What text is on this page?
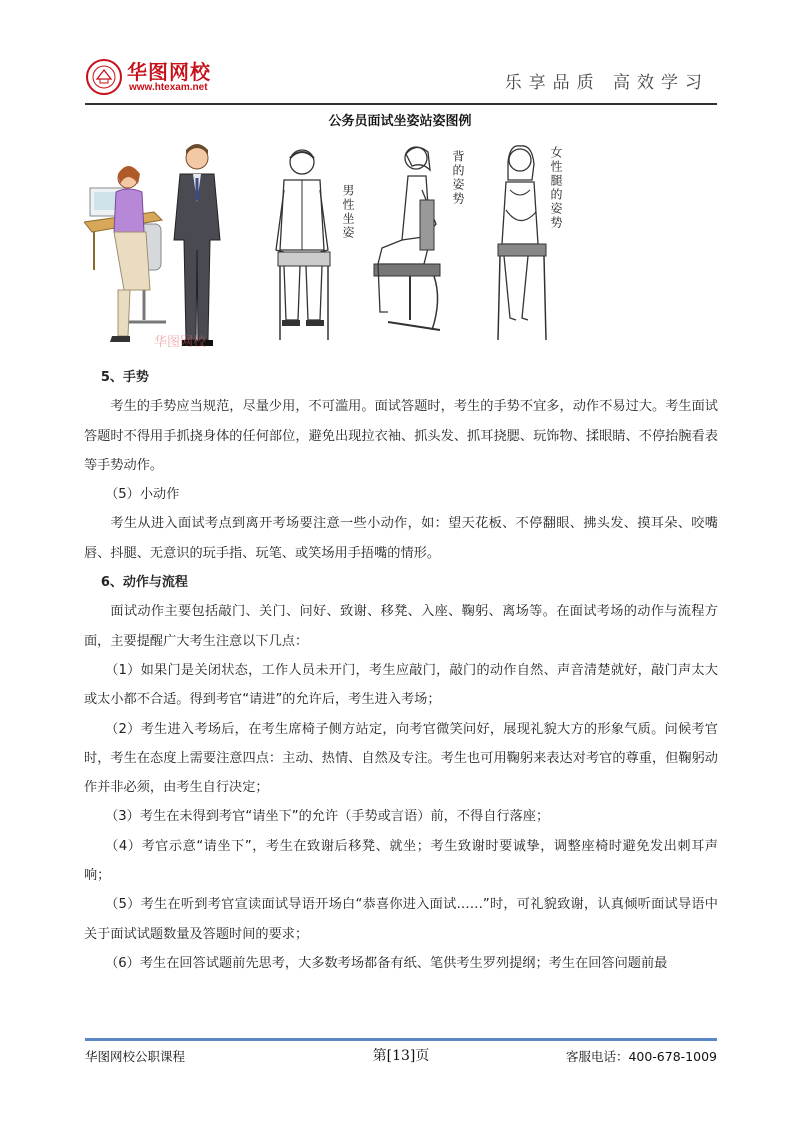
华图网校
www.htexam.net	乐享品质 高效学习
公务员面试坐姿站姿图例
华图网校
男性坐姿
背的姿势	女性腿的姿势

5、手势

考生的手势应当规范，尽量少用，不可滥用。面试答题时，考生的手势不宜多，动作不易过大。考生面试答题时不得用手抓挠身体的任何部位，避免出现拉衣袖、抓头发、抓耳挠腮、玩饰物、揉眼睛、不停抬腕看表等手势动作。

（5）小动作

考生从进入面试考点到离开考场要注意一些小动作，如：望天花板、不停翻眼、拂头发、摸耳朵、咬嘴唇、抖腿、无意识的玩手指、玩笔、或笑场用手捂嘴的情形。

6、动作与流程

面试动作主要包括敲门、关门、问好、致谢、移凳、入座、鞠躬、离场等。在面试考场的动作与流程方面，主要提醒广大考生注意以下几点：

（1）如果门是关闭状态，工作人员未开门，考生应敲门，敲门的动作自然、声音清楚就好，敲门声太大或太小都不合适。得到考官“请进”的允许后，考生进入考场；

（2）考生进入考场后，在考生席椅子侧方站定，向考官微笑问好，展现礼貌大方的形象气质。问候考官时，考生在态度上需要注意四点：主动、热情、自然及专注。考生也可用鞠躬来表达对考官的尊重，但鞠躬动作并非必须，由考生自行决定；

（3）考生在未得到考官“请坐下”的允许（手势或言语）前，不得自行落座；

（4）考官示意“请坐下”，考生在致谢后移凳、就坐；考生致谢时要诚挚，调整座椅时避免发出刺耳声响；

（5）考生在听到考官宣读面试导语开场白“恭喜你进入面试……”时，可礼貌致谢，认真倾听面试导语中关于面试试题数量及答题时间的要求；

（6）考生在回答试题前先思考，大多数考场都备有纸、笔供考生罗列提纲；考生在回答问题前最

华图网校公职课程	第[13]页	客服电话：400-678-1009
